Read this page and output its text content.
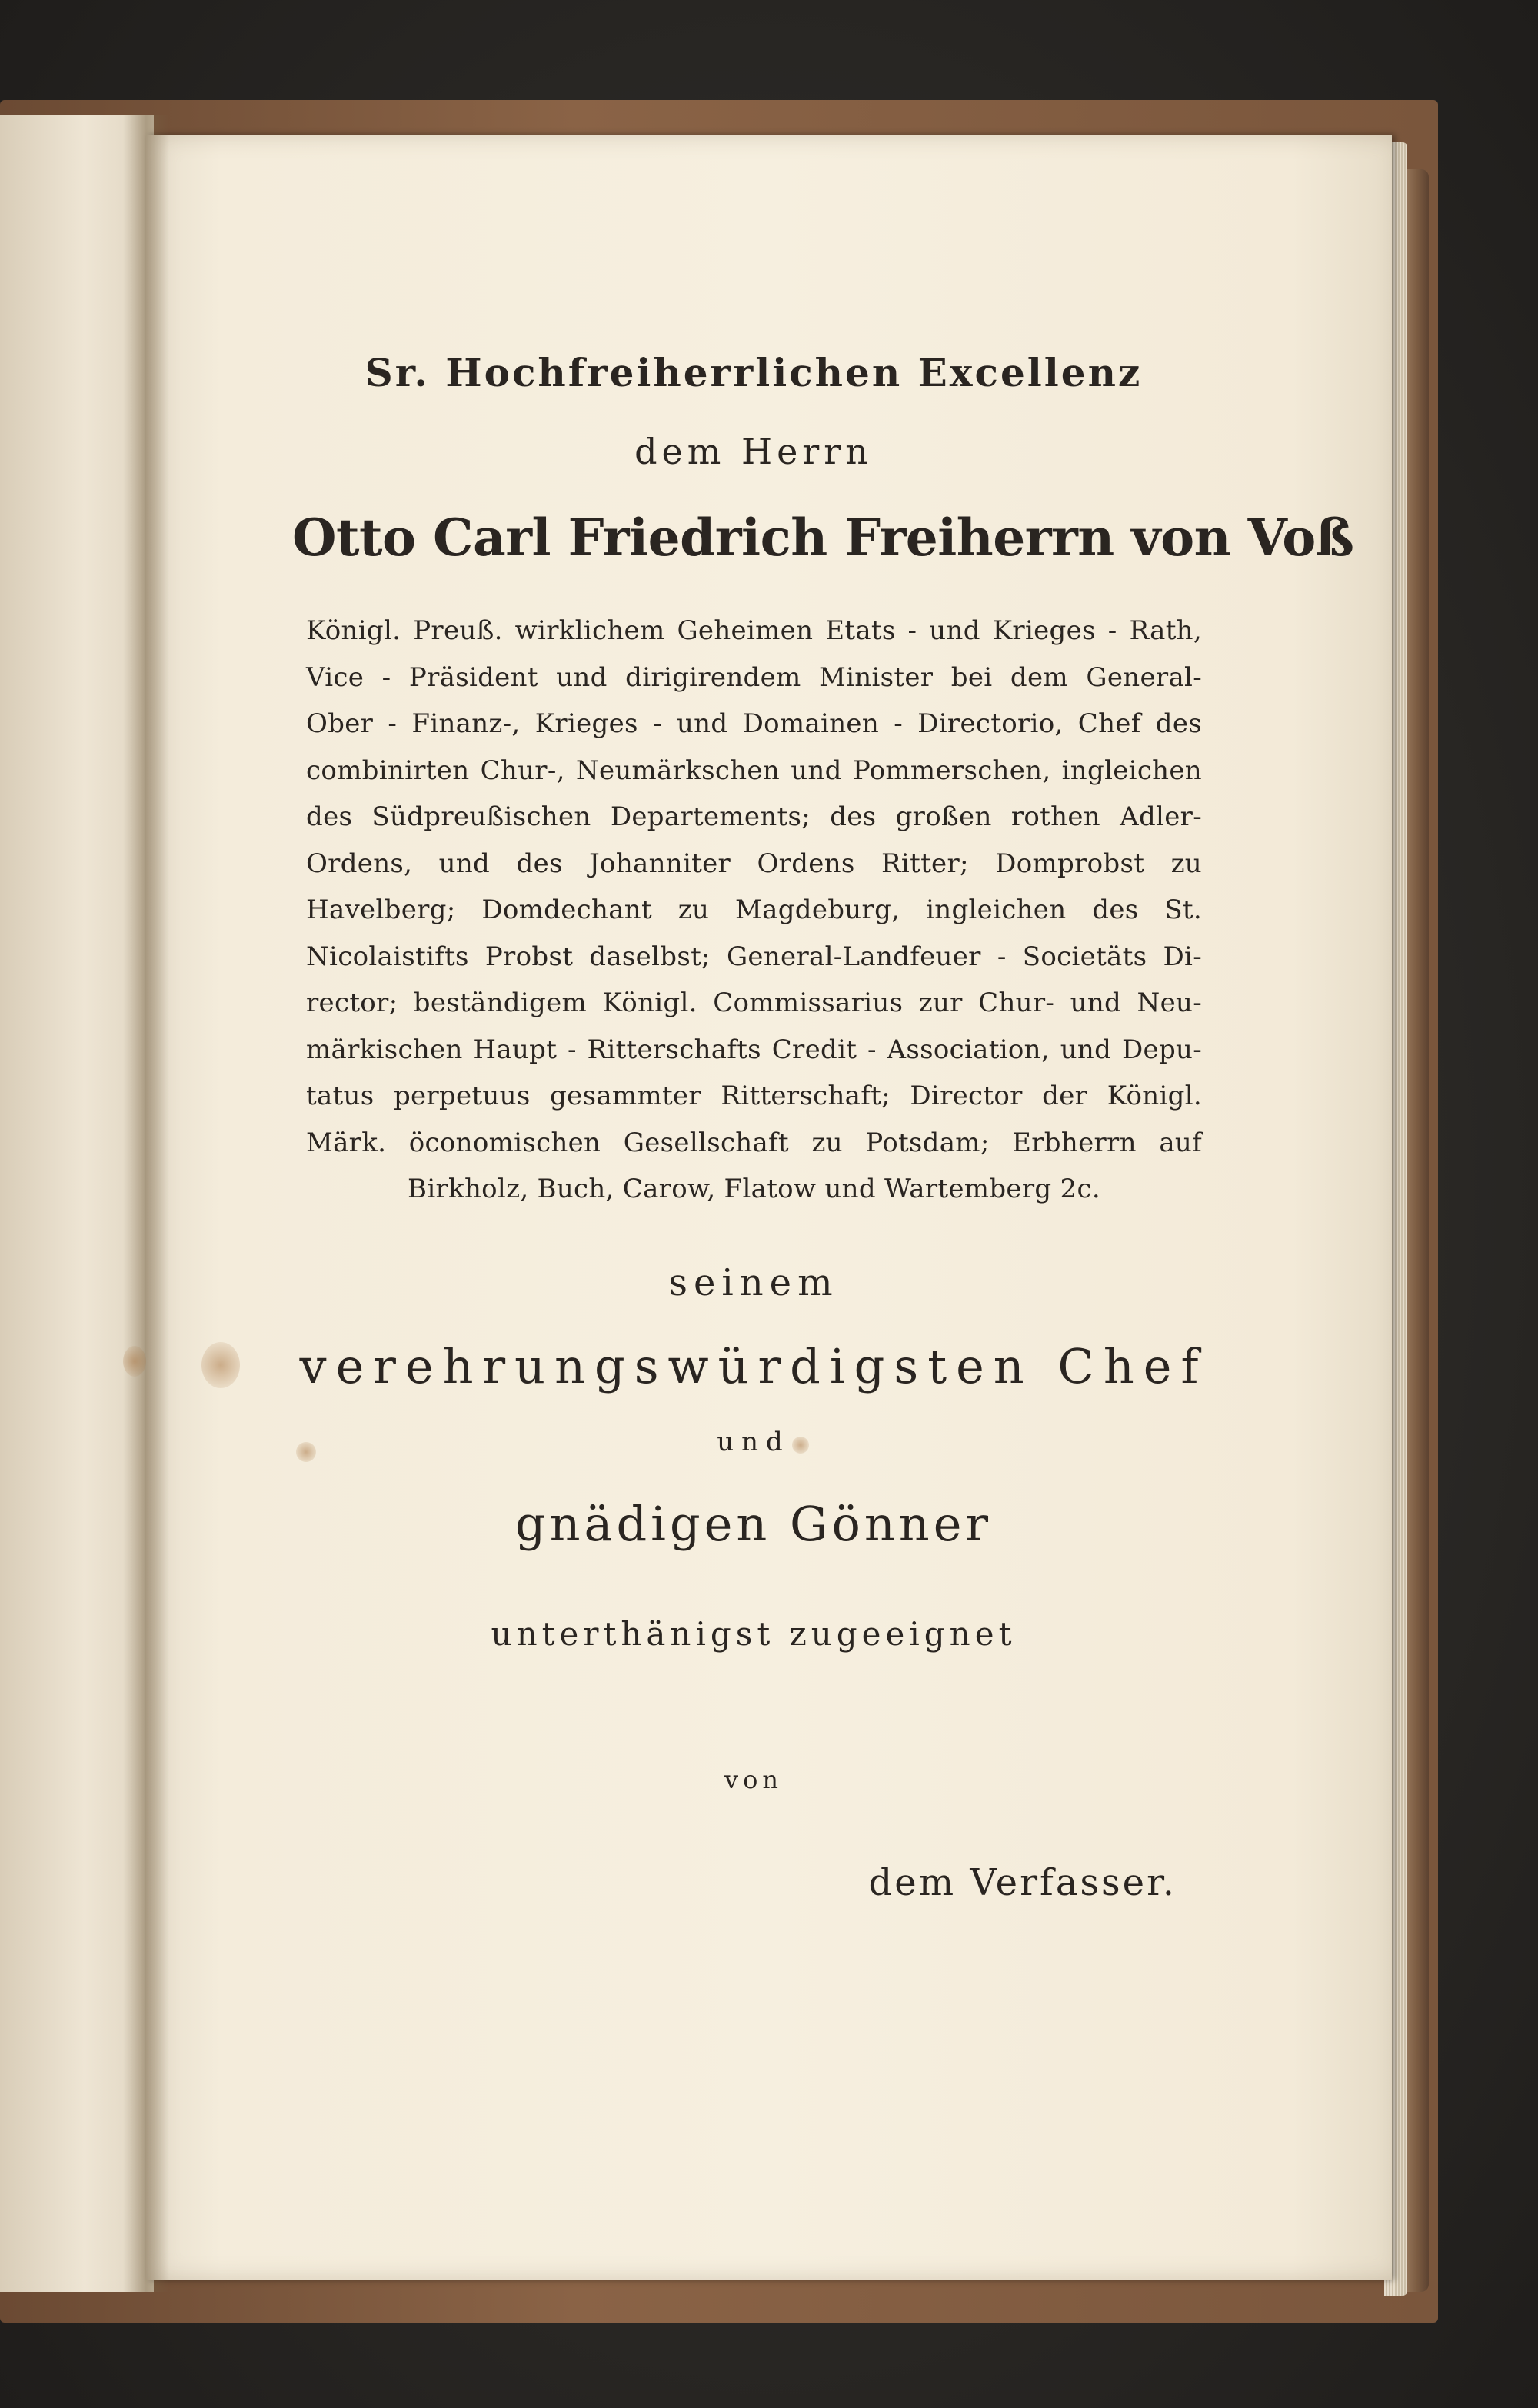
Sr. Hochfreiherrlichen Excellenz
dem Herrn
Otto Carl Friedrich Freiherrn von Voß
Königl. Preuß. wirklichem Geheimen Etats - und Krieges - Rath,
Vice - Präsident und dirigirendem Minister bei dem General-
Ober - Finanz-, Krieges - und Domainen - Directorio, Chef des
combinirten Chur-, Neumärkschen und Pommerschen, ingleichen
des Südpreußischen Departements; des großen rothen Adler-
Ordens, und des Johanniter Ordens Ritter; Domprobst zu
Havelberg; Domdechant zu Magdeburg, ingleichen des St.
Nicolaistifts Probst daselbst; General-Landfeuer - Societäts Di-
rector; beständigem Königl. Commissarius zur Chur- und Neu-
märkischen Haupt - Ritterschafts Credit - Association, und Depu-
tatus perpetuus gesammter Ritterschaft; Director der Königl.
Märk. öconomischen Gesellschaft zu Potsdam; Erbherrn auf
Birkholz, Buch, Carow, Flatow und Wartemberg 2c.
seinem
verehrungswürdigsten Chef
und
gnädigen Gönner
unterthänigst zugeeignet
von
dem Verfasser.
